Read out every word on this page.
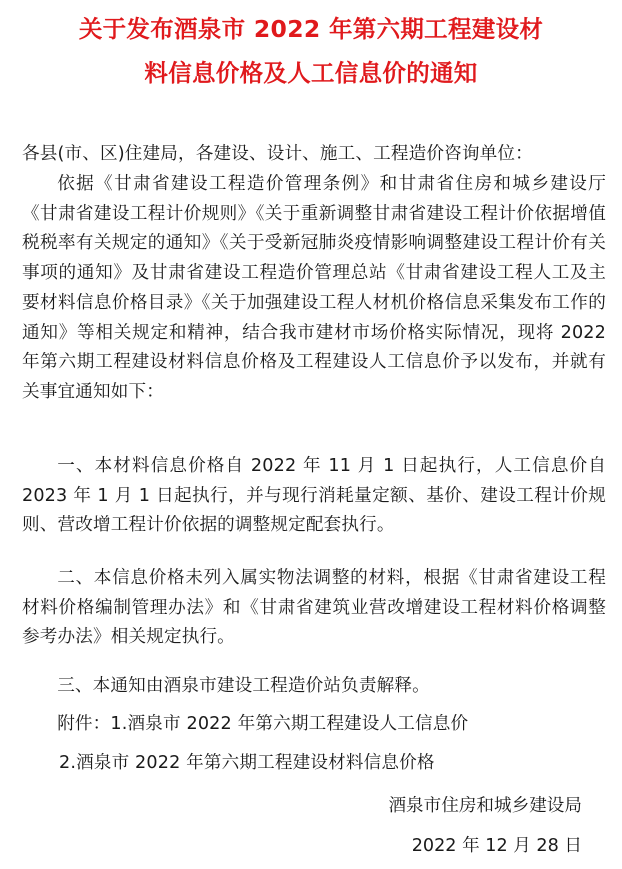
关于发布酒泉市 2022 年第六期工程建设材
料信息价格及人工信息价的通知
各县(市、区)住建局，各建设、设计、施工、工程造价咨询单位：
依据《甘肃省建设工程造价管理条例》和甘肃省住房和城乡建设厅《甘肃省建设工程计价规则》《关于重新调整甘肃省建设工程计价依据增值税税率有关规定的通知》《关于受新冠肺炎疫情影响调整建设工程计价有关事项的通知》及甘肃省建设工程造价管理总站《甘肃省建设工程人工及主要材料信息价格目录》《关于加强建设工程人材机价格信息采集发布工作的通知》等相关规定和精神，结合我市建材市场价格实际情况，现将 2022 年第六期工程建设材料信息价格及工程建设人工信息价予以发布，并就有关事宜通知如下：
一、本材料信息价格自 2022 年 11 月 1 日起执行，人工信息价自 2023 年 1 月 1 日起执行，并与现行消耗量定额、基价、建设工程计价规则、营改增工程计价依据的调整规定配套执行。
二、本信息价格未列入属实物法调整的材料，根据《甘肃省建设工程材料价格编制管理办法》和《甘肃省建筑业营改增建设工程材料价格调整参考办法》相关规定执行。
三、本通知由酒泉市建设工程造价站负责解释。
附件：1.酒泉市 2022 年第六期工程建设人工信息价
2.酒泉市 2022 年第六期工程建设材料信息价格
酒泉市住房和城乡建设局
2022 年 12 月 28 日
